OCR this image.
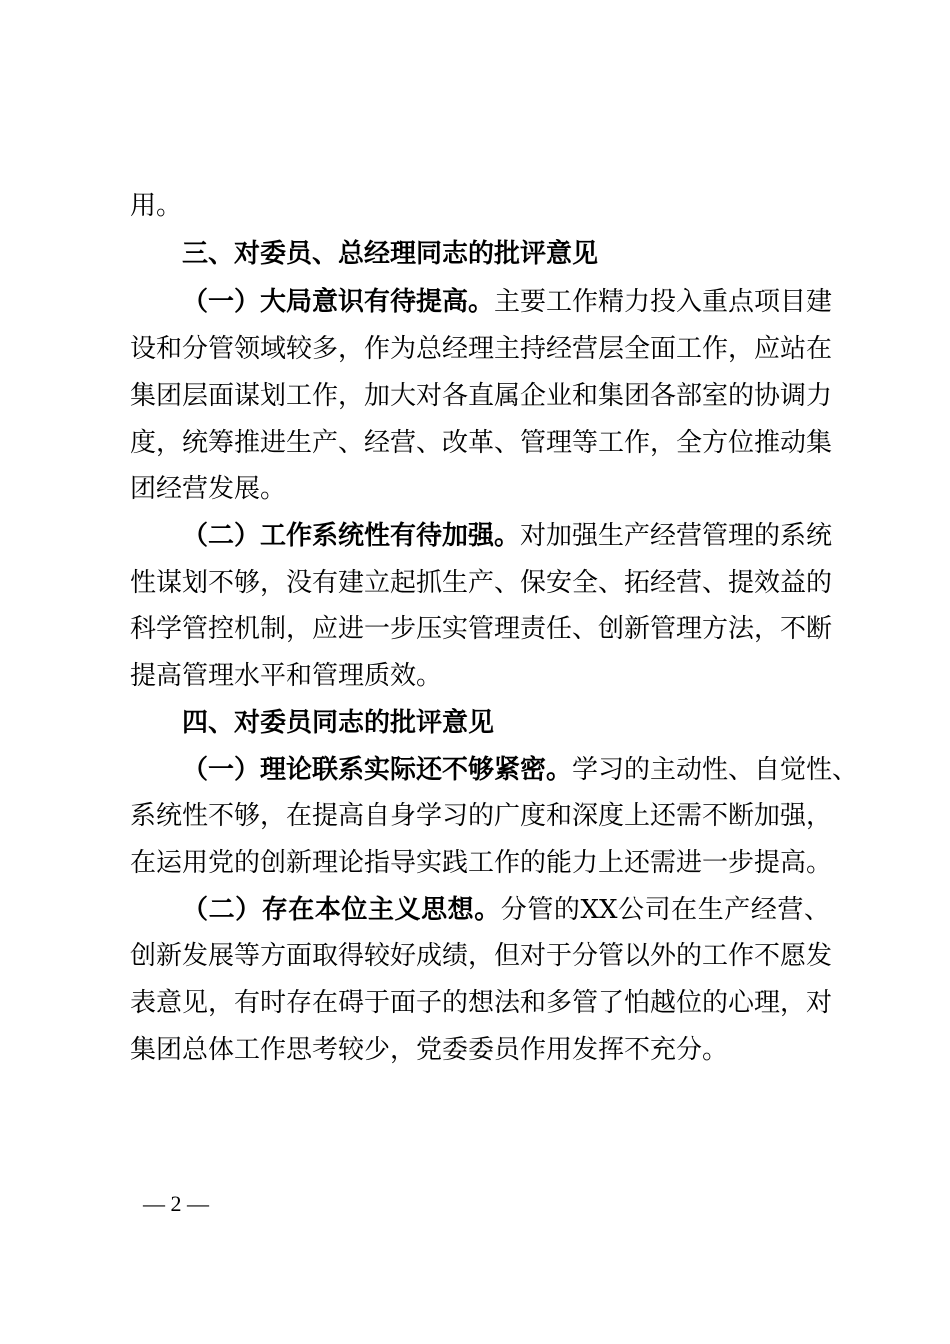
用。
三、对委员、总经理同志的批评意见
（一）大局意识有待提高。主要工作精力投入重点项目建
设和分管领域较多，作为总经理主持经营层全面工作，应站在
集团层面谋划工作，加大对各直属企业和集团各部室的协调力
度，统筹推进生产、经营、改革、管理等工作，全方位推动集
团经营发展。
（二）工作系统性有待加强。对加强生产经营管理的系统
性谋划不够，没有建立起抓生产、保安全、拓经营、提效益的
科学管控机制，应进一步压实管理责任、创新管理方法，不断
提高管理水平和管理质效。
四、对委员同志的批评意见
（一）理论联系实际还不够紧密。学习的主动性、自觉性、
系统性不够，在提高自身学习的广度和深度上还需不断加强，
在运用党的创新理论指导实践工作的能力上还需进一步提高。
（二）存在本位主义思想。分管的XX公司在生产经营、
创新发展等方面取得较好成绩，但对于分管以外的工作不愿发
表意见，有时存在碍于面子的想法和多管了怕越位的心理，对
集团总体工作思考较少，党委委员作用发挥不充分。
— 2 —
